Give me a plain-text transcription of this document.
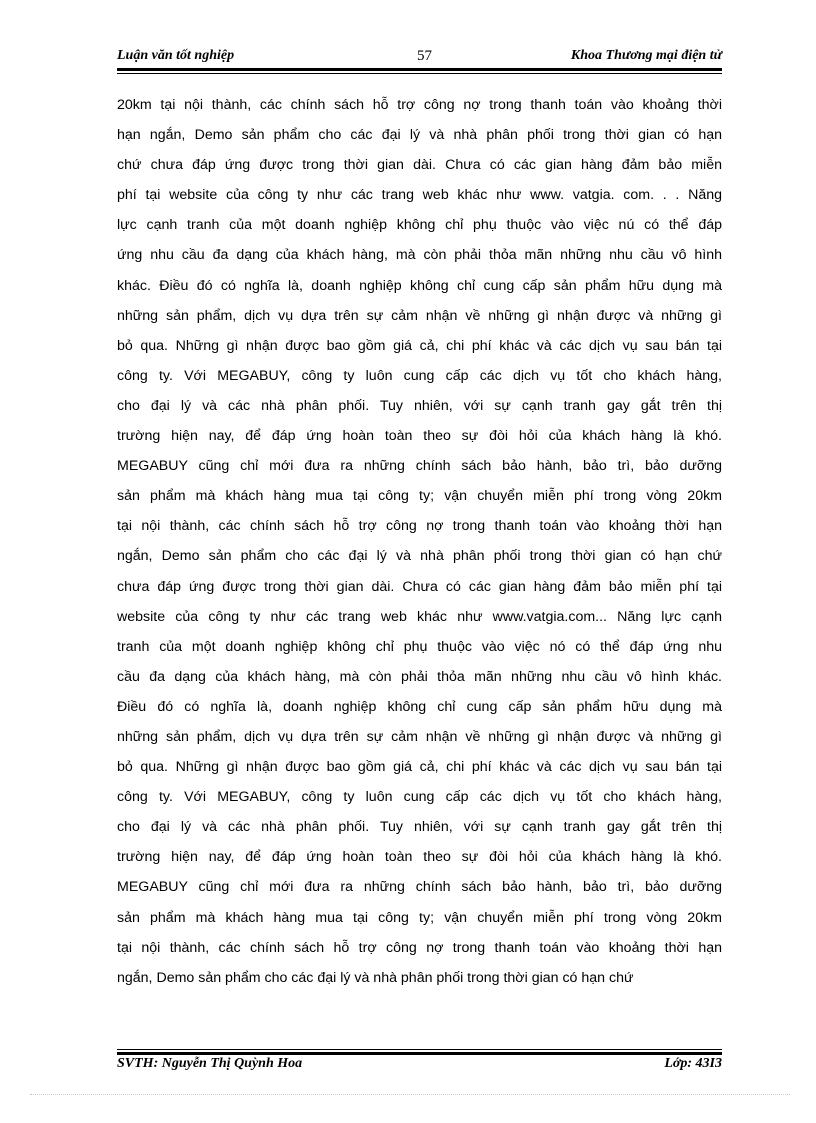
Luận văn tốt nghiệp	57	Khoa Thương mại điện tử
20km tại nội thành, các chính sách hỗ trợ công nợ trong thanh toán vào khoảng thời
hạn ngắn, Demo sản phẩm cho các đại lý và nhà phân phối trong thời gian có hạn
chứ chưa đáp ứng được trong thời gian dài. Chưa có các gian hàng đảm bảo miễn
phí tại website của công ty như các trang web khác như www. vatgia. com. . . Năng
lực cạnh tranh của một doanh nghiệp không chỉ phụ thuộc vào việc nú có thể đáp
ứng nhu cầu đa dạng của khách hàng, mà còn phải thỏa mãn những nhu cầu vô hình
khác. Điều đó có nghĩa là, doanh nghiệp không chỉ cung cấp sản phẩm hữu dụng mà
những sản phẩm, dịch vụ dựa trên sự cảm nhận về những gì nhận được và những gì
bỏ qua. Những gì nhận được bao gồm giá cả, chi phí khác và các dịch vụ sau bán tại
công ty. Với MEGABUY, công ty luôn cung cấp các dịch vụ tốt cho khách hàng,
cho đại lý và các nhà phân phối. Tuy nhiên, với sự cạnh tranh gay gắt trên thị
trường hiện nay, để đáp ứng hoàn toàn theo sự đòi hỏi của khách hàng là khó.
MEGABUY cũng chỉ mới đưa ra những chính sách bảo hành, bảo trì, bảo dưỡng
sản phẩm mà khách hàng mua tại công ty; vận chuyển miễn phí trong vòng 20km
tại nội thành, các chính sách hỗ trợ công nợ trong thanh toán vào khoảng thời hạn
ngắn, Demo sản phẩm cho các đại lý và nhà phân phối trong thời gian có hạn chứ
chưa đáp ứng được trong thời gian dài. Chưa có các gian hàng đảm bảo miễn phí tại
website của công ty như các trang web khác như www.vatgia.com... Năng lực cạnh
tranh của một doanh nghiệp không chỉ phụ thuộc vào việc nó có thể đáp ứng nhu
cầu đa dạng của khách hàng, mà còn phải thỏa mãn những nhu cầu vô hình khác.
Điều đó có nghĩa là, doanh nghiệp không chỉ cung cấp sản phẩm hữu dụng mà
những sản phẩm, dịch vụ dựa trên sự cảm nhận về những gì nhận được và những gì
bỏ qua. Những gì nhận được bao gồm giá cả, chi phí khác và các dịch vụ sau bán tại
công ty. Với MEGABUY, công ty luôn cung cấp các dịch vụ tốt cho khách hàng,
cho đại lý và các nhà phân phối. Tuy nhiên, với sự cạnh tranh gay gắt trên thị
trường hiện nay, để đáp ứng hoàn toàn theo sự đòi hỏi của khách hàng là khó.
MEGABUY cũng chỉ mới đưa ra những chính sách bảo hành, bảo trì, bảo dưỡng
sản phẩm mà khách hàng mua tại công ty; vận chuyển miễn phí trong vòng 20km
tại nội thành, các chính sách hỗ trợ công nợ trong thanh toán vào khoảng thời hạn
ngắn, Demo sản phẩm cho các đại lý và nhà phân phối trong thời gian có hạn chứ
SVTH: Nguyễn Thị Quỳnh Hoa	Lớp: 43I3
